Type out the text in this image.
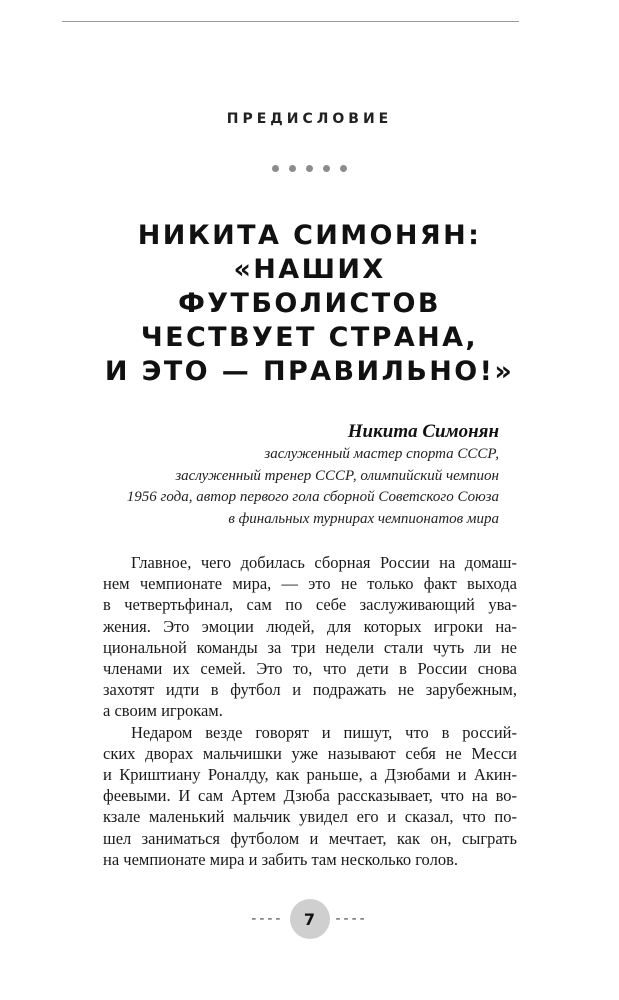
ПРЕДИСЛОВИЕ
НИКИТА СИМОНЯН:
«НАШИХ
ФУТБОЛИСТОВ
ЧЕСТВУЕТ СТРАНА,
И ЭТО — ПРАВИЛЬНО!»
Никита Симонян
заслуженный мастер спорта СССР,
заслуженный тренер СССР, олимпийский чемпион
1956 года, автор первого гола сборной Советского Союза
в финальных турнирах чемпионатов мира
Главное, чего добилась сборная России на домаш-
нем чемпионате мира, — это не только факт выхода
в четвертьфинал, сам по себе заслуживающий ува-
жения. Это эмоции людей, для которых игроки на-
циональной команды за три недели стали чуть ли не
членами их семей. Это то, что дети в России снова
захотят идти в футбол и подражать не зарубежным,
а своим игрокам.
Недаром везде говорят и пишут, что в россий-
ских дворах мальчишки уже называют себя не Месси
и Криштиану Роналду, как раньше, а Дзюбами и Акин-
феевыми. И сам Артем Дзюба рассказывает, что на во-
кзале маленький мальчик увидел его и сказал, что по-
шел заниматься футболом и мечтает, как он, сыграть
на чемпионате мира и забить там несколько голов.
----	7	----
